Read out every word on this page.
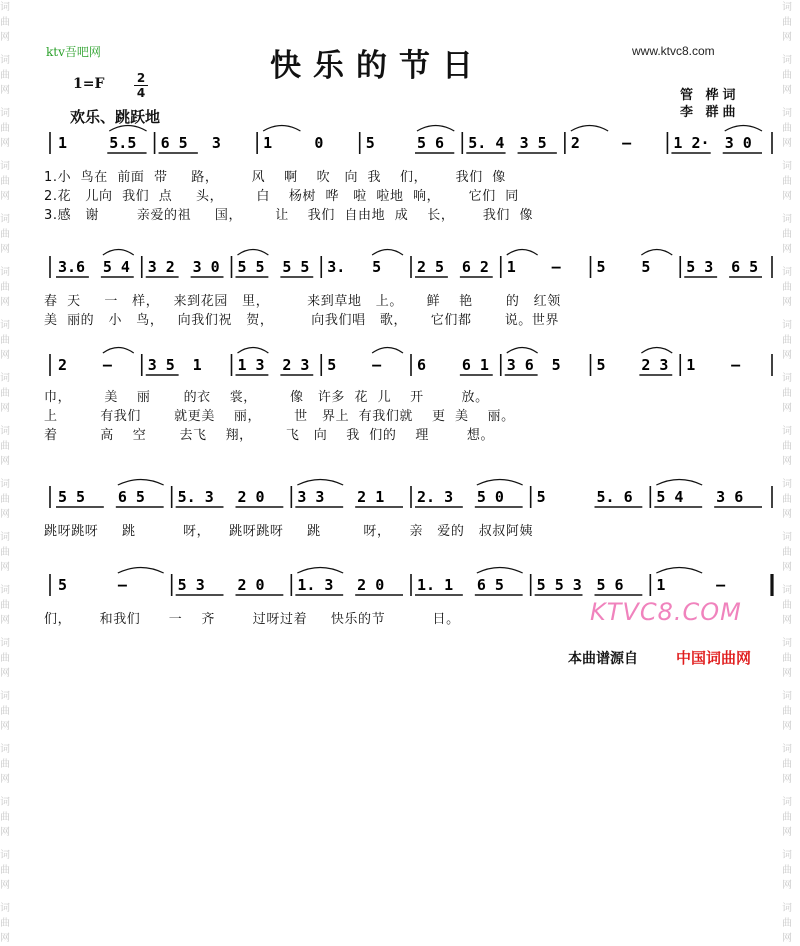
词曲网
词曲网
词曲网
词曲网
词曲网
词曲网
词曲网
词曲网
词曲网
词曲网
词曲网
词曲网
词曲网
词曲网
词曲网
词曲网
词曲网
词曲网
词曲网
词曲网
词曲网
词曲网
词曲网
词曲网
词曲网
词曲网
词曲网
词曲网
词曲网
词曲网
词曲网
词曲网
词曲网
词曲网
词曲网
词曲网
ktv吾吧网	快乐的节日	www.ktvc8.com
1=F	2
4
欢乐、跳跃地
管 桦词
李 群曲
1	5.5 6 5 3	1	0	5	5 6 5. 4 3 5 2	–	1 2· 3 0
3.6 5 4 3 2 3 0 5 5 5 5 3. 5 2 5 6 2 1 – 5 5 5 3 6 5
2 – 3 5 1 1 3 2 3 5 – 6 6 1 3 6 5 5 2 3 1 –
5 5 6 5 5. 3 2 0 3 3 2 1 2. 3 5 0 5	5. 6 5 4 3 6
5	–	5 3 2 0 1. 3 2 0 1. 1 6 5 5 5 3 5 6 1	–
1.小  鸟在  前面  带     路，       风    啊    吹   向  我    们，      我们  像
2.花   儿向  我们  点     头，       白    杨树  哗   啦  啦地  响，      它们  同
3.感   谢        亲爱的祖     国，       让    我们  自由地  成    长，      我们  像
春  天     一   样，   来到花园   里，        来到草地   上。     鲜    艳       的   红领
美  丽的   小   鸟，   向我们祝   贺，        向我们唱   歌，     它们都       说。世界
巾，       美    丽       的衣    裳，       像   许多  花  儿    开        放。
上         有我们       就更美    丽，       世   界上  有我们就    更  美    丽。
着         高    空       去飞    翔，       飞   向    我  们的    理        想。
跳呀跳呀     跳          呀，    跳呀跳呀     跳         呀，    亲   爱的   叔叔阿姨
们，      和我们      一    齐        过呀过着     快乐的节          日。	KTVC8.COM
本曲谱源自	中国词曲网
